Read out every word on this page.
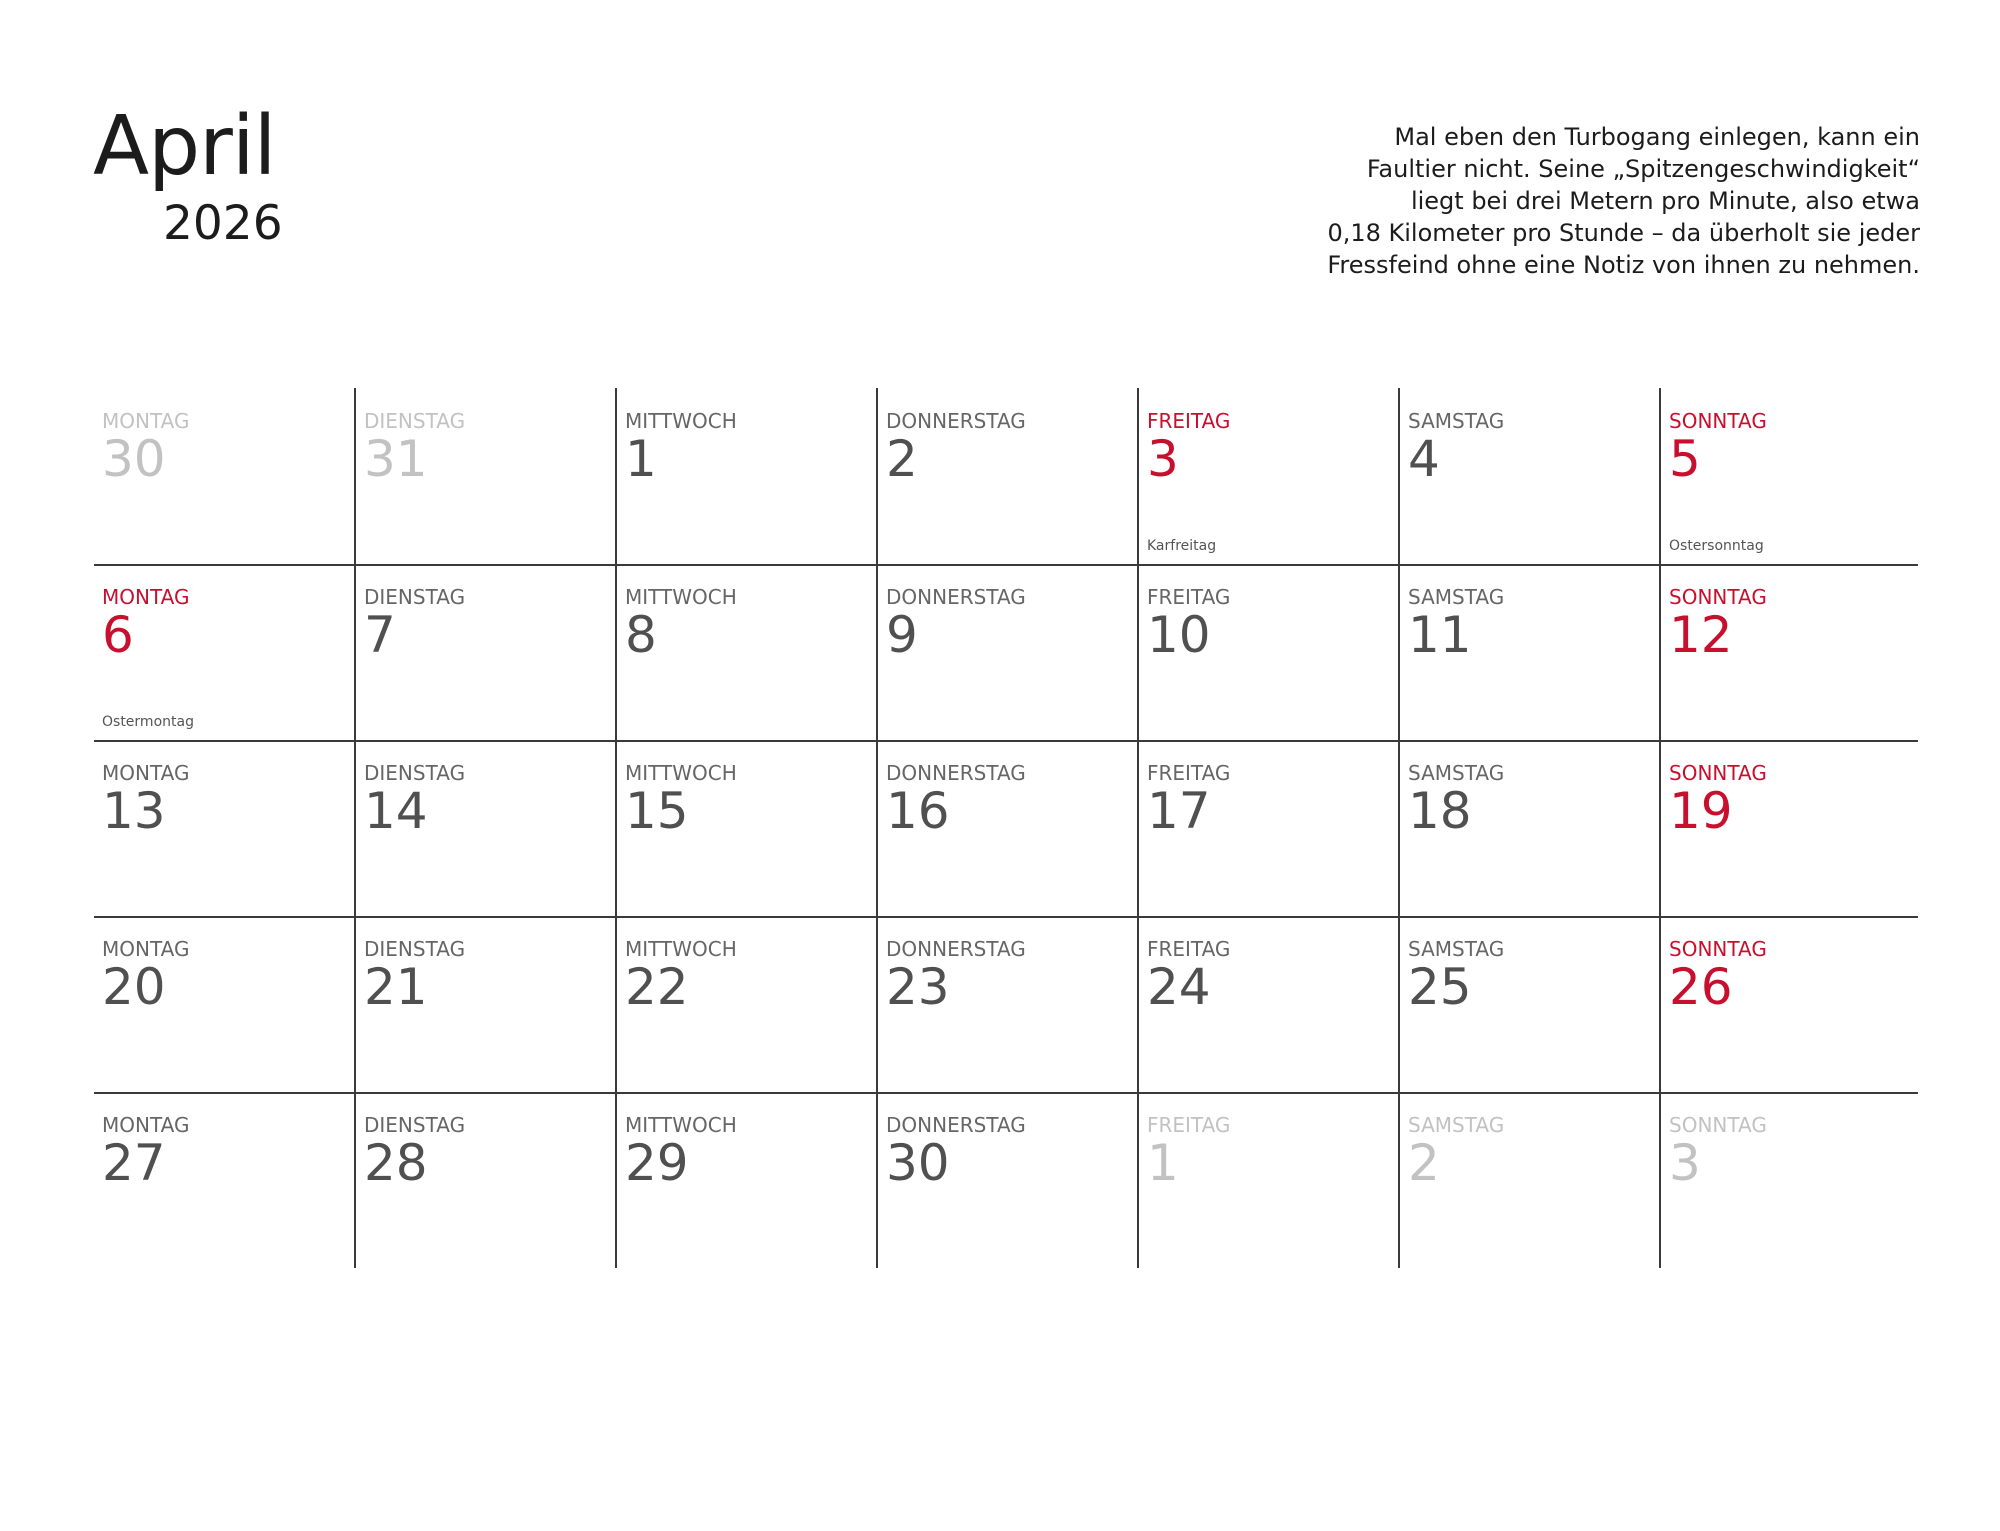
April
2026
Mal eben den Turbogang einlegen, kann ein
Faultier nicht. Seine „Spitzengeschwindigkeit“
liegt bei drei Metern pro Minute, also etwa
0,18 Kilometer pro Stunde – da überholt sie jeder
Fressfeind ohne eine Notiz von ihnen zu nehmen.
MONTAG
30
DIENSTAG
31
MITTWOCH
1
DONNERSTAG
2
FREITAG
3
Karfreitag
SAMSTAG
4
SONNTAG
5
Ostersonntag
MONTAG
6
Ostermontag
DIENSTAG
7
MITTWOCH
8
DONNERSTAG
9
FREITAG
10
SAMSTAG
11
SONNTAG
12
MONTAG
13
DIENSTAG
14
MITTWOCH
15
DONNERSTAG
16
FREITAG
17
SAMSTAG
18
SONNTAG
19
MONTAG
20
DIENSTAG
21
MITTWOCH
22
DONNERSTAG
23
FREITAG
24
SAMSTAG
25
SONNTAG
26
MONTAG
27
DIENSTAG
28
MITTWOCH
29
DONNERSTAG
30
FREITAG
1
SAMSTAG
2
SONNTAG
3
